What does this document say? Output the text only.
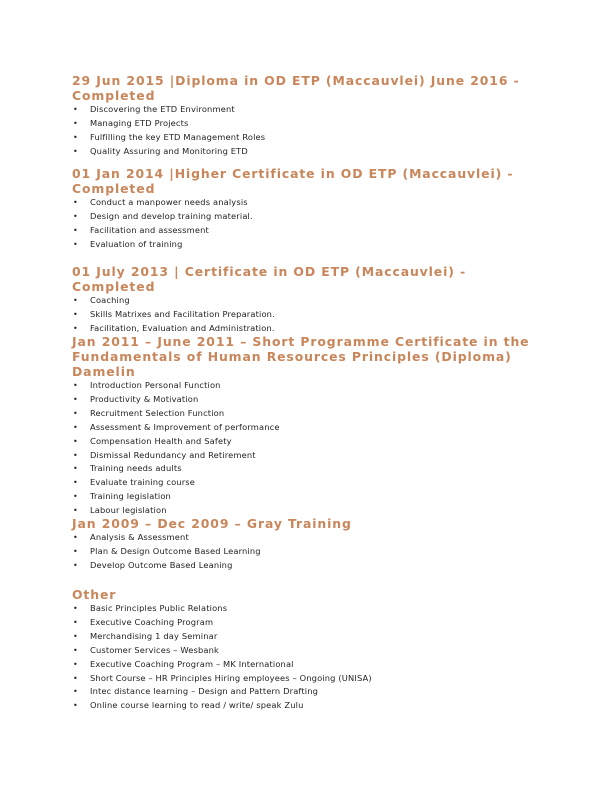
29 Jun 2015 |Diploma in OD ETP (Maccauvlei) June 2016 - Completed
• Discovering the ETD Environment
• Managing ETD Projects
• Fulfilling the key ETD Management Roles
• Quality Assuring and Monitoring ETD
01 Jan 2014 |Higher Certificate in OD ETP (Maccauvlei) - Completed
• Conduct a manpower needs analysis
• Design and develop training material.
• Facilitation and assessment
• Evaluation of training
01 July 2013 | Certificate in OD ETP (Maccauvlei) - Completed
• Coaching
• Skills Matrixes and Facilitation Preparation.
• Facilitation, Evaluation and Administration.
Jan 2011 – June 2011 – Short Programme Certificate in the Fundamentals of Human Resources Principles (Diploma) Damelin
• Introduction Personal Function
• Productivity & Motivation
• Recruitment Selection Function
• Assessment & Improvement of performance
• Compensation Health and Safety
• Dismissal Redundancy and Retirement
• Training needs adults
• Evaluate training course
• Training legislation
• Labour legislation
Jan 2009 – Dec 2009 – Gray Training
• Analysis & Assessment
• Plan & Design Outcome Based Learning
• Develop Outcome Based Leaning
Other
• Basic Principles Public Relations
• Executive Coaching Program
• Merchandising 1 day Seminar
• Customer Services – Wesbank
• Executive Coaching Program – MK International
• Short Course – HR Principles Hiring employees – Ongoing (UNISA)
• Intec distance learning – Design and Pattern Drafting
• Online course learning to read / write/ speak Zulu
